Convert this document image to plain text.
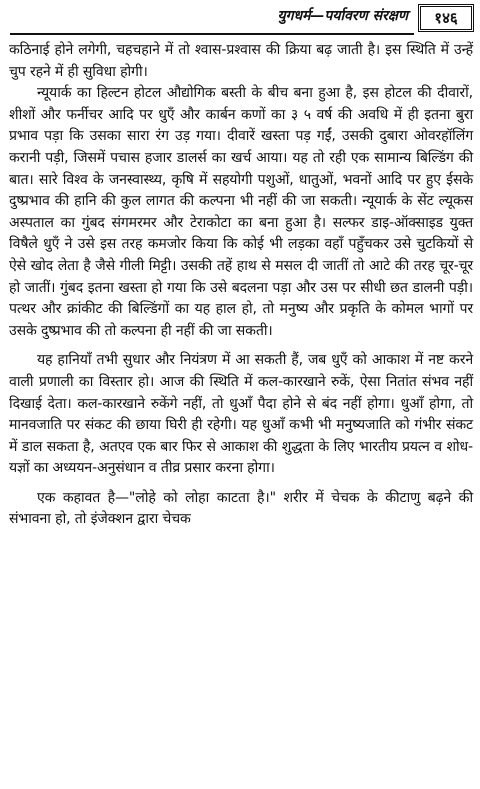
युगधर्म—पर्यावरण संरक्षण	१४६

कठिनाई होने लगेगी, चहचहाने में तो श्वास-प्रश्वास की क्रिया बढ़ जाती है। इस स्थिति में उन्हें चुप रहने में ही सुविधा होगी।

न्यूयार्क का हिल्टन होटल औद्योगिक बस्ती के बीच बना हुआ है, इस होटल की दीवारों, शीशों और फर्नीचर आदि पर धुएँ और कार्बन कणों का ३ ५ वर्ष की अवधि में ही इतना बुरा प्रभाव पड़ा कि उसका सारा रंग उड़ गया। दीवारें खस्ता पड़ गईं, उसकी दुबारा ओवरहॉलिंग करानी पड़ी, जिसमें पचास हजार डालर्स का खर्च आया। यह तो रही एक सामान्य बिल्डिंग की बात। सारे विश्व के जनस्वास्थ्य, कृषि में सहयोगी पशुओं, धातुओं, भवनों आदि पर हुए ईसके दुष्प्रभाव की हानि की कुल लागत की कल्पना भी नहीं की जा सकती। न्यूयार्क के सेंट ल्यूकस अस्पताल का गुंबद संगमरमर और टेराकोटा का बना हुआ है। सल्फर डाइ-ऑक्साइड युक्त विषैले धुएँ ने उसे इस तरह कमजोर किया कि कोई भी लड़का वहाँ पहुँचकर उसे चुटकियों से ऐसे खोद लेता है जैसे गीली मिट्टी। उसकी तहें हाथ से मसल दी जातीं तो आटे की तरह चूर-चूर हो जातीं। गुंबद इतना खस्ता हो गया कि उसे बदलना पड़ा और उस पर सीधी छत डालनी पड़ी। पत्थर और क्रांकीट की बिल्डिंगों का यह हाल हो, तो मनुष्य और प्रकृति के कोमल भागों पर उसके दुष्प्रभाव की तो कल्पना ही नहीं की जा सकती।

यह हानियाँ तभी सुधार और नियंत्रण में आ सकती हैं, जब धुएँ को आकाश में नष्ट करने वाली प्रणाली का विस्तार हो। आज की स्थिति में कल-कारखाने रुकें, ऐसा नितांत संभव नहीं दिखाई देता। कल-कारखाने रुकेंगे नहीं, तो धुआँ पैदा होने से बंद नहीं होगा। धुआँ होगा, तो मानवजाति पर संकट की छाया घिरी ही रहेगी। यह धुआँ कभी भी मनुष्यजाति को गंभीर संकट में डाल सकता है, अतएव एक बार फिर से आकाश की शुद्धता के लिए भारतीय प्रयत्न व शोध-यज्ञों का अध्ययन-अनुसंधान व तीव्र प्रसार करना होगा।

एक कहावत है—"लोहे को लोहा काटता है।" शरीर में चेचक के कीटाणु बढ़ने की संभावना हो, तो इंजेक्शन द्वारा चेचक
